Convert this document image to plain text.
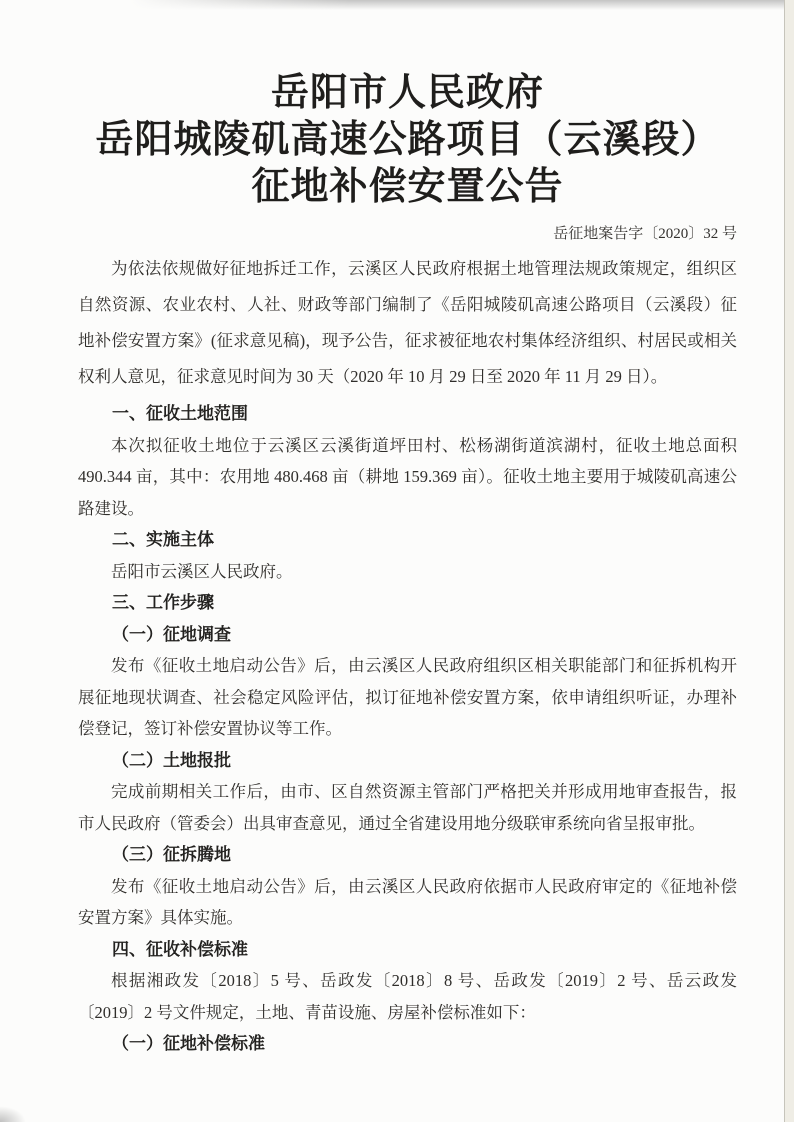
岳阳市人民政府
岳阳城陵矶高速公路项目（云溪段）
征地补偿安置公告
岳征地案告字〔2020〕32 号

为依法依规做好征地拆迁工作，云溪区人民政府根据土地管理法规政策规定，组织区自然资源、农业农村、人社、财政等部门编制了《岳阳城陵矶高速公路项目（云溪段）征地补偿安置方案》(征求意见稿)，现予公告，征求被征地农村集体经济组织、村居民或相关权利人意见，征求意见时间为 30 天（2020 年 10 月 29 日至 2020 年 11 月 29 日）。

一、征收土地范围

本次拟征收土地位于云溪区云溪街道坪田村、松杨湖街道滨湖村，征收土地总面积 490.344 亩，其中：农用地 480.468 亩（耕地 159.369 亩）。征收土地主要用于城陵矶高速公路建设。

二、实施主体

岳阳市云溪区人民政府。

三、工作步骤

（一）征地调查

发布《征收土地启动公告》后，由云溪区人民政府组织区相关职能部门和征拆机构开展征地现状调查、社会稳定风险评估，拟订征地补偿安置方案，依申请组织听证，办理补偿登记，签订补偿安置协议等工作。

（二）土地报批

完成前期相关工作后，由市、区自然资源主管部门严格把关并形成用地审查报告，报市人民政府（管委会）出具审查意见，通过全省建设用地分级联审系统向省呈报审批。

（三）征拆腾地

发布《征收土地启动公告》后，由云溪区人民政府依据市人民政府审定的《征地补偿安置方案》具体实施。

四、征收补偿标准

根据湘政发〔2018〕5 号、岳政发〔2018〕8 号、岳政发〔2019〕2 号、岳云政发〔2019〕2 号文件规定，土地、青苗设施、房屋补偿标准如下：

（一）征地补偿标准
